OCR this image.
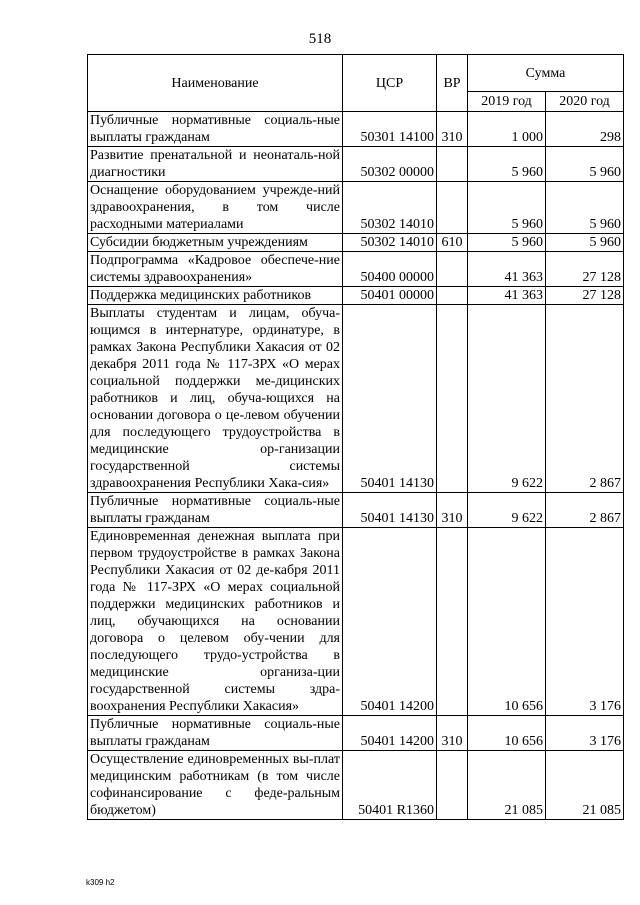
518
Наименование	ЦСР	ВР	Сумма	
			2019 год	2020 год
Публичные нормативные социаль-ные выплаты гражданам	50301 14100	310	1 000	298
Развитие пренатальной и неонаталь-ной диагностики	50302 00000		5 960	5 960
Оснащение оборудованием учрежде-ний здравоохранения, в том числе расходными материалами	50302 14010		5 960	5 960
Субсидии бюджетным учреждениям	50302 14010	610	5 960	5 960
Подпрограмма «Кадровое обеспече-ние системы здравоохранения»	50400 00000		41 363	27 128
Поддержка медицинских работников	50401 00000		41 363	27 128
Выплаты студентам и лицам, обуча-ющимся в интернатуре, ординатуре, в рамках Закона Республики Хакасия от 02 декабря 2011 года № 117-ЗРХ «О мерах социальной поддержки ме-дицинских работников и лиц, обуча-ющихся на основании договора о це-левом обучении для последующего трудоустройства в медицинские ор-ганизации государственной системы здравоохранения Республики Хака-сия»	50401 14130		9 622	2 867
Публичные нормативные социаль-ные выплаты гражданам	50401 14130	310	9 622	2 867
Единовременная денежная выплата при первом трудоустройстве в рамках Закона Республики Хакасия от 02 де-кабря 2011 года № 117-ЗРХ «О мерах социальной поддержки медицинских работников и лиц, обучающихся на основании договора о целевом обу-чении для последующего трудо-устройства в медицинские организа-ции государственной системы здра-воохранения Республики Хакасия»	50401 14200		10 656	3 176
Публичные нормативные социаль-ные выплаты гражданам	50401 14200	310	10 656	3 176
Осуществление единовременных вы-плат медицинским работникам (в том числе софинансирование с феде-ральным бюджетом)	50401 R1360		21 085	21 085
k309 h2
